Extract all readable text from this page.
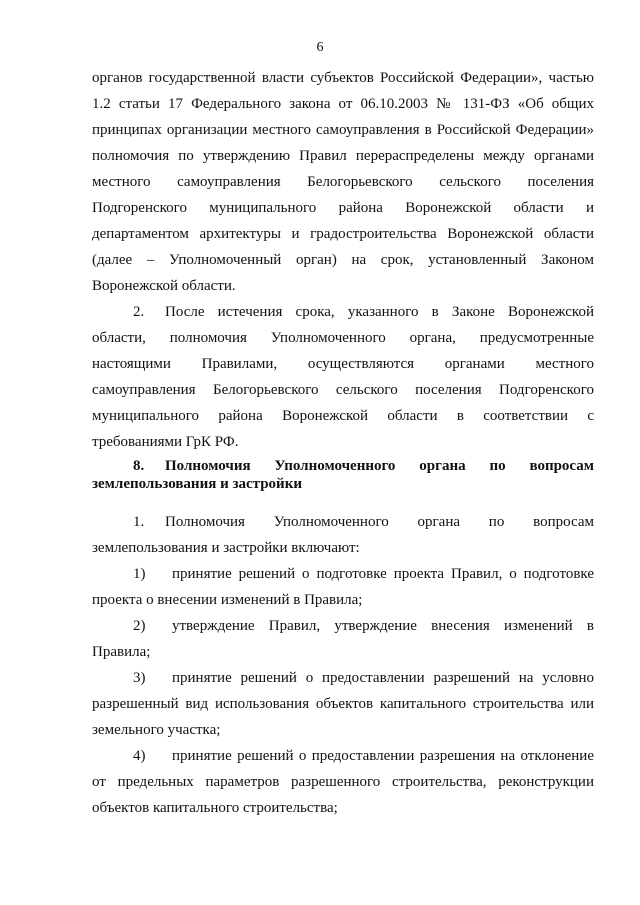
6
органов государственной власти субъектов Российской Федерации», частью
1.2 статьи 17 Федерального закона от 06.10.2003 № 131-ФЗ «Об общих
принципах организации местного самоуправления в Российской Федерации»
полномочия по утверждению Правил перераспределены между органами
местного самоуправления Белогорьевского сельского поселения
Подгоренского муниципального района Воронежской области и
департаментом архитектуры и градостроительства Воронежской области
(далее – Уполномоченный орган) на срок, установленный Законом
Воронежской области.
2. После истечения срока, указанного в Законе Воронежской
области, полномочия Уполномоченного органа, предусмотренные
настоящими Правилами, осуществляются органами местного
самоуправления Белогорьевского сельского поселения Подгоренского
муниципального района Воронежской области в соответствии с
требованиями ГрК РФ.
8. Полномочия Уполномоченного органа по вопросам
землепользования и застройки
1. Полномочия Уполномоченного органа по вопросам
землепользования и застройки включают:
1) принятие решений о подготовке проекта Правил, о подготовке
проекта о внесении изменений в Правила;
2) утверждение Правил, утверждение внесения изменений в
Правила;
3) принятие решений о предоставлении разрешений на условно
разрешенный вид использования объектов капитального строительства или
земельного участка;
4) принятие решений о предоставлении разрешения на отклонение
от предельных параметров разрешенного строительства, реконструкции
объектов капитального строительства;
